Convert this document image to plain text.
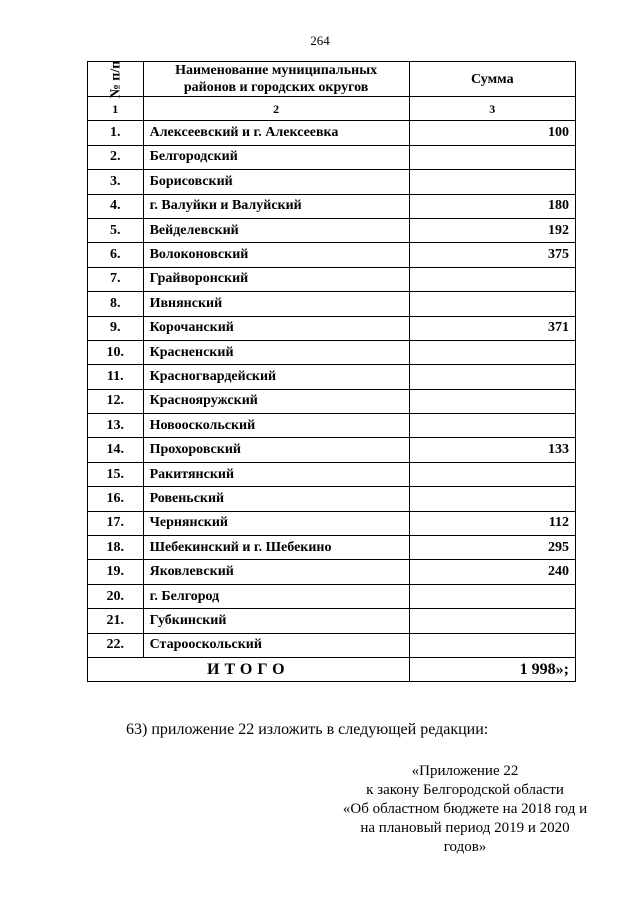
264
№ п/п	Наименование муниципальных районов и городских округов	Сумма
1	2	3
1.	Алексеевский и г. Алексеевка	100
2.	Белгородский	
3.	Борисовский	
4.	г. Валуйки и Валуйский	180
5.	Вейделевский	192
6.	Волоконовский	375
7.	Грайворонский	
8.	Ивнянский	
9.	Корочанский	371
10.	Красненский	
11.	Красногвардейский	
12.	Краснояружский	
13.	Новооскольский	
14.	Прохоровский	133
15.	Ракитянский	
16.	Ровеньский	
17.	Чернянский	112
18.	Шебекинский и г. Шебекино	295
19.	Яковлевский	240
20.	г. Белгород	
21.	Губкинский	
22.	Старооскольский	
ИТОГО		1 998»;
63) приложение 22 изложить в следующей редакции:
«Приложение 22
к закону Белгородской области
«Об областном бюджете на 2018 год и
на плановый период 2019 и 2020
годов»
